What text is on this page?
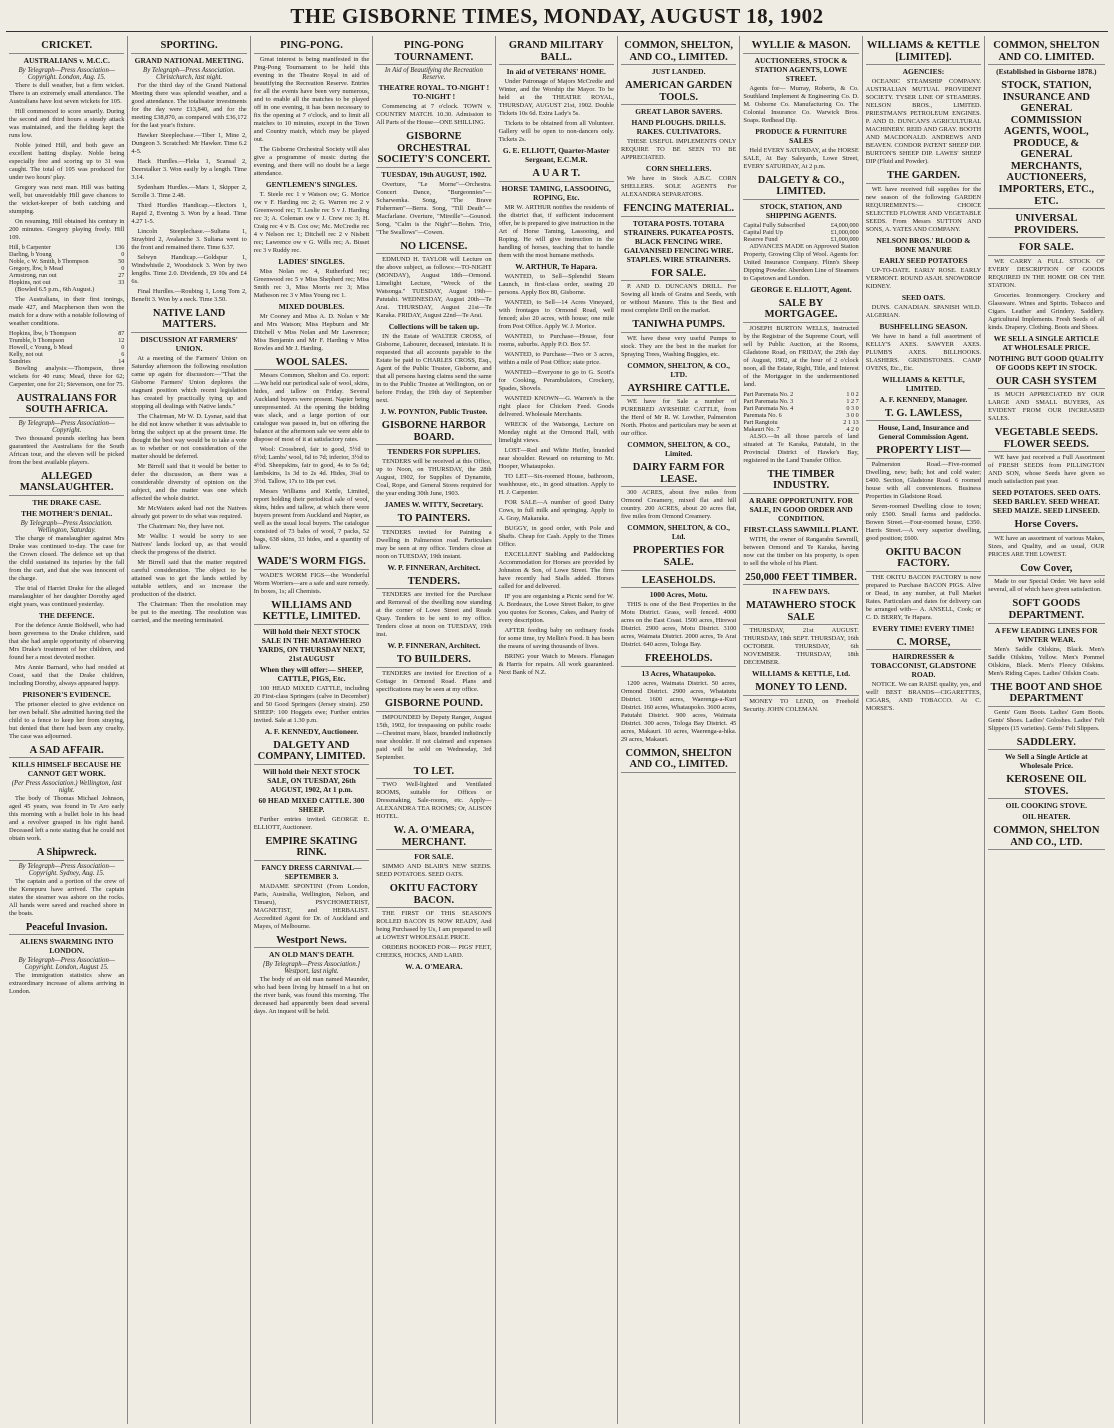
THE GISBORNE TIMES, MONDAY, AUGUST 18, 1902
CRICKET.
AUSTRALIANS v. M.C.C.
By Telegraph—Press Association—Copyright. London, Aug. 15.
There is dull weather, but a firm wicket. There is an extremely small attendance. The Australians have lost seven wickets for 105.
Hill commenced to score smartly. During the second and third hours a steady attack was maintained, and the fielding kept the runs low.
Noble joined Hill, and both gave an excellent batting display. Noble being especially free and scoring up to 31 was caught. The total of 105 was produced for under two hours' play.
Gregory was next man. Hill was batting well, but unavoidably Hill gave chances to the wicket-keeper of both catching and stumping.
On resuming, Hill obtained his century in 200 minutes. Gregory playing freely. Hill 109.
Hill, b Carpenter	136
Darling, b Young	0
Noble, c W. Smith, b Thompson	50
Gregory, lbw, b Mead	0
Armstrong, run out	27
Hopkins, not out	33
(Bowled 6.5 p.m., 6th August.)
The Australians, in their first innings, made 427, and Macpherson then won the match for a draw with a notable following of weather conditions.
Hopkins, lbw, b Thompson	87
Trumble, b Thompson	12
Howell, c Young, b Mead	0
Kelly, not out	6
Sundries	14
Bowling analysis:—Thompson, three wickets for 40 runs; Mead, three for 62; Carpenter, one for 21; Stevenson, one for 75.
AUSTRALIANS FOR SOUTH AFRICA.
By Telegraph—Press Association—Copyright.
Two thousand pounds sterling has been guaranteed the Australians for the South African tour, and the eleven will be picked from the best available players.
ALLEGED MANSLAUGHTER.
THE DRAKE CASE.
THE MOTHER'S DENIAL.
By Telegraph—Press Association. Wellington, Saturday.
The charge of manslaughter against Mrs Drake was continued to-day. The case for the Crown closed. The defence set up that the child sustained its injuries by the fall from the cart, and that she was innocent of the charge.
The trial of Harriet Drake for the alleged manslaughter of her daughter Dorothy aged eight years, was continued yesterday.
THE DEFENCE.
For the defence Annie Boldwell, who had been governess to the Drake children, said that she had ample opportunity of observing Mrs Drake's treatment of her children, and found her a most devoted mother.
Mrs Annie Barnard, who had resided at Coast, said that the Drake children, including Dorothy, always appeared happy.
PRISONER'S EVIDENCE.
The prisoner elected to give evidence on her own behalf. She admitted having tied the child to a fence to keep her from straying, but denied that there had been any cruelty. The case was adjourned.
A SAD AFFAIR.
KILLS HIMSELF BECAUSE HE CANNOT GET WORK.
(Per Press Association.) Wellington, last night.
The body of Thomas Michael Johnson, aged 45 years, was found in Te Aro early this morning with a bullet hole in his head and a revolver grasped in his right hand. Deceased left a note stating that he could not obtain work.
A Shipwreck.
By Telegraph—Press Association—Copyright. Sydney, Aug. 15.
The captain and a portion of the crew of the Kenepuru have arrived. The captain states the steamer was ashore on the rocks. All hands were saved and reached shore in the boats.
Peaceful Invasion.
ALIENS SWARMING INTO LONDON.
By Telegraph—Press Association—Copyright. London, August 15.
The immigration statistics show an extraordinary increase of aliens arriving in London.
SPORTING.
GRAND NATIONAL MEETING.
By Telegraph—Press Association. Christchurch, last night.
For the third day of the Grand National Meeting there was splendid weather, and a good attendance. The totalisator investments for the day were £13,840, and for the meeting £38,870, as compared with £36,172 for the last year's fixture.
Hawker Steeplechase.—Tiber 1, Mine 2, Dungeon 3. Scratched: Mr Hawker. Time 6.2 4-5.
Hack Hurdles.—Fleka 1, Scansal 2, Deerstalker 3. Won easily by a length. Time 3.14.
Sydenham Hurdles.—Mars 1, Skipper 2, Scrolle 3. Time 2.48.
Third Hurdles Handicap.—Electors 1, Rapid 2, Evening 3. Won by a head. Time 4.27 1-5.
Lincoln Steeplechase.—Sultana 1, Straybird 2, Avalanche 3. Sultana went to the front and remained there. Time 6.37.
Selwyn Handicap.—Goldspur 1, Windwhistle 2, Woodstock 3. Won by two lengths. Time 2.0. Dividends, £9 10s and £4 6s.
Final Hurdles.—Roubing 1, Long Tom 2, Benefit 3. Won by a neck. Time 3.50.
NATIVE LAND MATTERS.
DISCUSSION AT FARMERS' UNION.
At a meeting of the Farmers' Union on Saturday afternoon the following resolution came up again for discussion:—"That the Gisborne Farmers' Union deplores the stagnant position which recent legislation has created by practically tying up and stopping all dealings with Native lands."
The Chairman, Mr W. D. Lysnar, said that he did not know whether it was advisable to bring the subject up at the present time. He thought the best way would be to take a vote as to whether or not consideration of the matter should be deferred.
Mr Birrell said that it would be better to defer the discussion, as there was a considerable diversity of opinion on the subject, and the matter was one which affected the whole district.
Mr McWaters asked had not the Natives already got power to do what was required.
The Chairman: No, they have not.
Mr Wallis: I would be sorry to see Natives' lands locked up, as that would check the progress of the district.
Mr Birrell said that the matter required careful consideration. The object to be attained was to get the lands settled by suitable settlers, and so increase the production of the district.
The Chairman: Then the resolution may be put to the meeting. The resolution was carried, and the meeting terminated.
PING-PONG.
Great interest is being manifested in the Ping-Pong Tournament to be held this evening in the Theatre Royal in aid of beautifying the Recreation Reserve. Entries for all the events have been very numerous, and to enable all the matches to be played off in one evening, it has been necessary to fix the opening at 7 o'clock, and to limit all matches to 10 minutes, except in the Town and Country match, which may be played out.
The Gisborne Orchestral Society will also give a programme of music during the evening, and there will no doubt be a large attendance.
GENTLEMEN'S SINGLES.
T. Steele rec 1 v Watson ow; G. Morice ow v F. Harding rec 2; G. Warren rec 2 v Greenwood rec; T. Leslie rec 5 v J. Harding rec 3; A. Coleman ow v J. Crew rec 3; H. Craig rec 4 v B. Cox ow; Mc. McCredie rec 4 v Nelson rec 1; Ditchell rec 2 v Nisbett rec; Lawrence ow v G. Wills rec; A. Bisset rec 3 v Ruddy rec.
LADIES' SINGLES.
Miss Nolan rec 4, Rutherfurd rec; Greenwood rec 5 v Miss Shepherd rec; Miss Smith rec 3, Miss Morris rec 3; Miss Matheson rec 3 v Miss Young rec 1.
MIXED DOUBLES.
Mr Cooney and Miss A. D. Nolan v Mr and Mrs Watson; Miss Hepburn and Mr Ditchell v Miss Nolan and Mr Lawrence; Miss Benjamin and Mr F. Harding v Miss Rowles and Mr J. Harding.
WOOL SALES.
Messrs Common, Shelton and Co. report:—We held our periodical sale of wool, skins, hides, and tallow on Friday. Several Auckland buyers were present. Napier being unrepresented. At the opening the bidding was slack, and a large portion of our catalogue was passed in, but on offering the balance at the afternoon sale we were able to dispose of most of it at satisfactory rates.
Wool: Crossbred, fair to good, 5½d to 6½d; Lambs' wool, 6d to 7d; inferior, 3½d to 4½d. Sheepskins, fair to good, 4s to 5s 6d; lambskins, 1s 3d to 2s 4d. Hides, 3¼d to 3½d. Tallow, 17s to 18s per cwt.
Messrs Williams and Kettle, Limited, report holding their periodical sale of wool, skins, hides and tallow, at which there were buyers present from Auckland and Napier, as well as the usual local buyers. The catalogue consisted of 73 bales of wool, 7 packs, 52 bags, 638 skins, 33 hides, and a quantity of tallow.
WADE'S WORM FIGS.
WADE'S WORM FIGS—the Wonderful Worm Worriers—are a safe and sure remedy. In boxes, 1s; all Chemists.
WILLIAMS AND KETTLE, LIMITED.
Will hold their NEXT STOCK SALE IN THE MATAWHERO YARDS, ON THURSDAY NEXT, 21st AUGUST
When they will offer:— SHEEP, CATTLE, PIGS, Etc.
100 HEAD MIXED CATTLE, including 20 First-class Springers (calve in December) and 50 Good Springers (Jersey strain). 250 SHEEP: 100 Hoggets ewe; Further entries invited. Sale at 1.30 p.m.
A. F. KENNEDY, Auctioneer.
DALGETY AND COMPANY, LIMITED.
Will hold their NEXT STOCK SALE, ON TUESDAY, 26th AUGUST, 1902, At 1 p.m.
60 HEAD MIXED CATTLE. 300 SHEEP.
Further entries invited. GEORGE E. ELLIOTT, Auctioneer.
EMPIRE SKATING RINK.
FANCY DRESS CARNIVAL— SEPTEMBER 3.
MADAME SPONTINI (From London, Paris, Australia, Wellington, Nelson, and Timaru), PSYCHOMETRIST, MAGNETIST, and HERBALIST. Accredited Agent for Dr. of Auckland and Mayes, of Melbourne.
Westport News.
AN OLD MAN'S DEATH.
[By Telegraph—Press Association.] Westport, last night.
The body of an old man named Maunder, who had been living by himself in a hut on the river bank, was found this morning. The deceased had apparently been dead several days. An inquest will be held.
PING-PONG TOURNAMENT.
In Aid of Beautifying the Recreation Reserve.
THEATRE ROYAL. TO-NIGHT ! TO-NIGHT !
Commencing at 7 o'clock. TOWN v. COUNTRY MATCH. 10.30. Admission to All Parts of the House—ONE SHILLING.
GISBORNE ORCHESTRAL SOCIETY'S CONCERT.
TUESDAY, 19th AUGUST, 1902.
Overture, "Le Morne"—Orchestra. Concert Dance, "Burgeonnies"—Scharwenka. Song, "The Brave Fishermen"—Berra. Song, "Till Death"—Macfarlane. Overture, "Mireille"—Gounod. Song, "Calm is the Night"—Bohm. Trio, "The Swallows"—Cowen.
NO LICENSE.
EDMUND H. TAYLOR will Lecture on the above subject, as follows:—TO-NIGHT (MONDAY), August 18th—Ormond. Limelight Lecture, "Wreck of the Watsonga." TUESDAY, August 19th—Patutahi. WEDNESDAY, August 20th—Te Arai. THURSDAY, August 21st—Te Karaka. FRIDAY, August 22nd—Te Arai.
Collections will be taken up.
IN the Estate of WALTER CROSS, of Gisborne, Labourer, deceased, intestate. It is requested that all accounts payable to the Estate be paid to CHARLES CROSS, Esq., Agent of the Public Trustee, Gisborne, and that all persons having claims send the same in to the Public Trustee at Wellington, on or before Friday, the 19th day of September next.
J. W. POYNTON, Public Trustee.
GISBORNE HARBOR BOARD.
TENDERS FOR SUPPLIES.
TENDERS will be received at this Office, up to Noon, on THURSDAY, the 28th August, 1902, for Supplies of Dynamite, Coal, Rope, and General Stores required for the year ending 30th June, 1903.
JAMES W. WITTY, Secretary.
TO PAINTERS.
TENDERS invited for Painting a Dwelling in Palmerston road. Particulars may be seen at my office. Tenders close at noon on TUESDAY, 19th instant.
W. P. FINNERAN, Architect.
TENDERS.
TENDERS are invited for the Purchase and Removal of the dwelling now standing at the corner of Lowe Street and Reads Quay. Tenders to be sent to my office. Tenders close at noon on TUESDAY, 19th inst.
W. P. FINNERAN, Architect.
TO BUILDERS.
TENDERS are invited for Erection of a Cottage in Ormond Road. Plans and specifications may be seen at my office.
GISBORNE POUND.
IMPOUNDED by Deputy Ranger, August 15th, 1902, for trespassing on public roads:—Chestnut mare, blaze, branded indistinctly near shoulder. If not claimed and expenses paid will be sold on Wednesday, 3rd September.
TO LET.
TWO Well-lighted and Ventilated ROOMS, suitable for Offices or Dressmaking, Sale-rooms, etc. Apply— ALEXANDRA TEA ROOMS; Or, ALISON HOTEL.
W. A. O'MEARA, MERCHANT.
FOR SALE.
SIMMO AND BLAIR'S NEW SEEDS. SEED POTATOES. SEED OATS.
OKITU FACTORY BACON.
THE FIRST OF THIS SEASON'S ROLLED BACON IS NOW READY, And being Purchased by Us, I am prepared to sell at LOWEST WHOLESALE PRICE.
ORDERS BOOKED FOR— PIGS' FEET, CHEEKS, HOCKS, AND LARD.
W. A. O'MEARA.
GRAND MILITARY BALL.
In aid of VETERANS' HOME.
Under Patronage of Majors McCredie and Winter, and the Worship the Mayor. To be held at the THEATRE ROYAL, THURSDAY, AUGUST 21st, 1902. Double Tickets 10s 6d. Extra Lady's 5s.
Tickets to be obtained from all Volunteer. Gallery will be open to non-dancers only. Tickets 2s.
G. E. ELLIOTT, Quarter-Master Sergeant, E.C.M.R.
A U A R T.
HORSE TAMING, LASSOOING, ROPING, Etc.
MR W. ARTHUR notifies the residents of the district that, if sufficient inducement offer, he is prepared to give instruction in the Art of Horse Taming, Lassooing, and Roping. He will give instruction in the handling of horses, teaching that to handle them with the most humane methods.
W. ARTHUR, Te Hapara.
WANTED, to Sell—Splendid Steam Launch, in first-class order, seating 20 persons. Apply Box 80, Gisborne.
WANTED, to Sell—14 Acres Vineyard, with frontages to Ormond Road, well fenced; also 20 acres, with house; one mile from Post Office. Apply W. J. Morice.
WANTED, to Purchase—House, four rooms, suburbs. Apply P.O. Box 57.
WANTED, to Purchase—Two or 3 acres, within a mile of Post Office; state price.
WANTED—Everyone to go to G. Scott's for Cooking, Perambulators, Crockery, Spades, Shovels.
WANTED KNOWN—G. Warren's is the right place for Chicken Feed. Goods delivered. Wholesale Merchants.
WRECK of the Watsonga, Lecture on Monday night at the Ormond Hall, with limelight views.
LOST—Red and White Heifer, branded near shoulder. Reward on returning to Mr. Hooper, Whataupoko.
TO LET—Six-roomed House, bathroom, washhouse, etc., in good situation. Apply to H. J. Carpenter.
FOR SALE—A number of good Dairy Cows, in full milk and springing. Apply to A. Gray, Makaraka.
BUGGY, in good order, with Pole and Shafts. Cheap for Cash. Apply to the Times Office.
EXCELLENT Stabling and Paddocking Accommodation for Horses are provided by Johnston & Son, of Lowe Street. The firm have recently had Stalls added. Horses called for and delivered.
IF you are organising a Picnic send for W. A. Bordeaux, the Lowe Street Baker, to give you quotes for Scones, Cakes, and Pastry of every description.
AFTER feeding baby on ordinary foods for some time, try Mellin's Food. It has been the means of saving thousands of lives.
BRING your Watch to Messrs. Flanagan & Harris for repairs. All work guaranteed. Next Bank of N.Z.
COMMON, SHELTON, AND CO., LIMITED.
JUST LANDED.
AMERICAN GARDEN TOOLS.
GREAT LABOR SAVERS.
HAND PLOUGHS. DRILLS. RAKES. CULTIVATORS.
THESE USEFUL IMPLEMENTS ONLY REQUIRE TO BE SEEN TO BE APPRECIATED.
CORN SHELLERS.
We have in Stock A.B.C. CORN SHELLERS. SOLE AGENTS For ALEXANDRA SEPARATORS.
FENCING MATERIAL.
TOTARA POSTS. TOTARA STRAINERS. PUKATEA POSTS. BLACK FENCING WIRE. GALVANISED FENCING WIRE. STAPLES. WIRE STRAINERS.
FOR SALE.
P. AND D. DUNCAN'S DRILL. For Sowing all kinds of Grains and Seeds, with or without Manure. This is the Best and most complete Drill on the market.
TANIWHA PUMPS.
WE have these very useful Pumps to stock. They are the best in the market for Spraying Trees, Washing Buggies, etc.
COMMON, SHELTON, & CO., LTD.
AYRSHIRE CATTLE.
WE have for Sale a number of PUREBRED AYRSHIRE CATTLE, from the Herd of Mr R. W. Lowther, Palmerston North. Photos and particulars may be seen at our office.
COMMON, SHELTON, & CO., Limited.
DAIRY FARM FOR LEASE.
300 ACRES, about five miles from Ormond Creamery, mixed flat and hill country. 200 ACRES, about 20 acres flat, five miles from Ormond Creamery.
COMMON, SHELTON, & CO., Ltd.
PROPERTIES FOR SALE.
LEASEHOLDS.
1000 Acres, Motu.
THIS is one of the Best Properties in the Motu District. Grass, well fenced. 4000 acres on the East Coast. 1500 acres, Hirewai District. 2900 acres, Motu District. 3100 acres, Waimata District. 2000 acres, Te Arai District. 640 acres, Tologa Bay.
FREEHOLDS.
13 Acres, Whataupoko.
1200 acres, Waimata District. 50 acres, Ormond District. 2900 acres, Whatatutu District. 1600 acres, Waerenga-a-Kuri District. 160 acres, Whataupoko. 3600 acres, Patutahi District. 900 acres, Waimata District. 300 acres, Tologa Bay District. 45 acres, Makauri. 10 acres, Waerenga-a-hika. 29 acres, Makauri.
COMMON, SHELTON AND CO., LIMITED.
WYLLIE & MASON.
AUCTIONEERS, STOCK & STATION AGENTS, LOWE STREET.
Agents for— Murray, Roberts, & Co. Southland Implement & Engineering Co. D. M. Osborne Co. Manufacturing Co. The Colonial Insurance Co. Warwick Bros. Soaps. Redhead Dip.
PRODUCE & FURNITURE SALES
Held EVERY SATURDAY, at the HORSE SALE, At Bay Saleyards, Lowe Street, EVERY SATURDAY, At 2 p.m.
DALGETY & CO., LIMITED.
STOCK, STATION, AND SHIPPING AGENTS.
Capital Fully Subscribed	£4,000,000
Capital Paid Up	£1,000,000
Reserve Fund	£1,000,000
ADVANCES MADE on Approved Station Property, Growing Clip of Wool. Agents for: United Insurance Company. Flinn's Sheep Dipping Powder. Aberdeen Line of Steamers to Capetown and London.
GEORGE E. ELLIOTT, Agent.
SALE BY MORTGAGEE.
JOSEPH BURTON WELLS, Instructed by the Registrar of the Supreme Court, will sell by Public Auction, at the Rooms, Gladstone Road, on FRIDAY, the 29th day of August, 1902, at the hour of 2 o'clock noon, all the Estate, Right, Title, and Interest of the Mortgagor in the undermentioned land.
Part Paremata No. 2	1 0 2
Part Paremata No. 3	1 2 7
Part Paremata No. 4	0 3 0
Paremata No. 6	3 0 0
Part Rangiotu	2 1 13
Makauri No. 7	4 2 0
ALSO.—In all those parcels of land situated at Te Karaka, Patutahi, in the Provincial District of Hawke's Bay, registered in the Land Transfer Office.
THE TIMBER INDUSTRY.
A RARE OPPORTUNITY. FOR SALE, IN GOOD ORDER AND CONDITION.
FIRST-CLASS SAWMILL PLANT.
WITH, the owner of Rangarahu Sawmill, between Ormond and Te Karaka, having now cut the timber on his property, is open to sell the whole of his Plant.
250,000 FEET TIMBER.
IN A FEW DAYS.
MATAWHERO STOCK SALE
THURSDAY, 21st AUGUST. THURSDAY, 18th SEPT. THURSDAY, 16th OCTOBER. THURSDAY, 6th NOVEMBER. THURSDAY, 18th DECEMBER.
WILLIAMS & KETTLE, Ltd.
MONEY TO LEND.
MONEY TO LEND, on Freehold Security. JOHN COLEMAN.
WILLIAMS & KETTLE [LIMITED].
AGENCIES:
OCEANIC STEAMSHIP COMPANY. AUSTRALIAN MUTUAL PROVIDENT SOCIETY. TYSER LINE OF STEAMERS. NELSON BROS., LIMITED. PRIESTMAN'S PETROLEUM ENGINES. P. AND D. DUNCAN'S AGRICULTURAL MACHINERY. REID AND GRAY. BOOTH AND MACDONALD. ANDREWS AND BEAVEN. CONDOR PATENT SHEEP DIP. BURTON'S SHEEP DIP. LAWES' SHEEP DIP (Fluid and Powder).
THE GARDEN.
WE have received full supplies for the new season of the following GARDEN REQUIREMENTS:— CHOICE SELECTED FLOWER AND VEGETABLE SEEDS. From Messrs SUTTON AND SONS, A. YATES AND COMPANY.
NELSON BROS.' BLOOD & BONE MANURE
EARLY SEED POTATOES
UP-TO-DATE. EARLY ROSE. EARLY VERMONT. ROUND ASAH. SNOWDROP KIDNEY.
SEED OATS.
DUNS. CANADIAN. SPANISH WILD. ALGERIAN.
BUSHFELLING SEASON.
We have in hand a full assortment of KELLY'S AXES. SAWYER AXES. PLUMB'S AXES. BILLHOOKS. SLASHERS. GRINDSTONES. CAMP OVENS, Etc., Etc.
WILLIAMS & KETTLE, LIMITED.
A. F. KENNEDY, Manager.
T. G. LAWLESS,
House, Land, Insurance and General Commission Agent.
PROPERTY LIST—
Palmerston Road.—Five-roomed Dwelling, new; bath; hot and cold water; £400. Section, Gladstone Road. 6 roomed house with all conveniences. Business Properties in Gladstone Road.
Seven-roomed Dwelling close to town; only £500. Small farms and paddocks. Bowen Street.—Four-roomed house, £350. Harris Street.—A very superior dwelling, good position; £600.
OKITU BACON FACTORY.
THE OKITU BACON FACTORY is now prepared to Purchase BACON PIGS. Alive or Dead, in any number, at Full Market Rates. Particulars and dates for delivery can be arranged with— A. ANSELL, Cook; or C. D. BERRY, Te Hapara.
EVERY TIME! EVERY TIME!
C. MORSE,
HAIRDRESSER & TOBACCONIST, GLADSTONE ROAD.
NOTICE. We can RAISE quality, yes, and well! BEST BRANDS—CIGARETTES, CIGARS, AND TOBACCO. At C. MORSE'S.
COMMON, SHELTON AND CO. LIMITED.
(Established in Gisborne 1878.)
STOCK, STATION, INSURANCE AND GENERAL COMMISSION AGENTS, WOOL, PRODUCE, & GENERAL MERCHANTS, AUCTIONEERS, IMPORTERS, ETC., ETC.
UNIVERSAL PROVIDERS.
FOR SALE.
WE CARRY A FULL STOCK OF EVERY DESCRIPTION OF GOODS REQUIRED IN THE HOME OR ON THE STATION.
Groceries. Ironmongery. Crockery and Glassware. Wines and Spirits. Tobacco and Cigars. Leather and Grindery. Saddlery. Agricultural Implements. Fresh Seeds of all kinds. Drapery. Clothing. Boots and Shoes.
WE SELL A SINGLE ARTICLE AT WHOLESALE PRICE.
NOTHING BUT GOOD QUALITY OF GOODS KEPT IN STOCK.
OUR CASH SYSTEM
IS MUCH APPRECIATED BY OUR LARGE AND SMALL BUYERS, AS EVIDENT FROM OUR INCREASED SALES.
VEGETABLE SEEDS. FLOWER SEEDS.
WE have just received a Full Assortment of FRESH SEEDS from PILLINGTON AND SON, whose Seeds have given so much satisfaction past year.
SEED POTATOES. SEED OATS. SEED BARLEY. SEED WHEAT. SEED MAIZE. SEED LINSEED.
Horse Covers.
WE have an assortment of various Makes, Sizes, and Quality, and as usual, OUR PRICES ARE THE LOWEST.
Cow Cover,
Made to our Special Order. We have sold several, all of which have given satisfaction.
SOFT GOODS DEPARTMENT.
A FEW LEADING LINES FOR WINTER WEAR.
Men's Saddle Oilskins, Black. Men's Saddle Oilskins, Yellow. Men's Pommel Oilskins, Black. Men's Fleecy Oilskins. Men's Riding Capes. Ladies' Oilskin Coats.
THE BOOT AND SHOE DEPARTMENT
Gents' Gum Boots. Ladies' Gum Boots. Gents' Shoes. Ladies' Goloshes. Ladies' Felt Slippers (15 varieties). Gents' Felt Slippers.
SADDLERY.
We Sell a Single Article at Wholesale Price.
KEROSENE OIL STOVES.
OIL COOKING STOVE.
OIL HEATER.
COMMON, SHELTON AND CO., LTD.
